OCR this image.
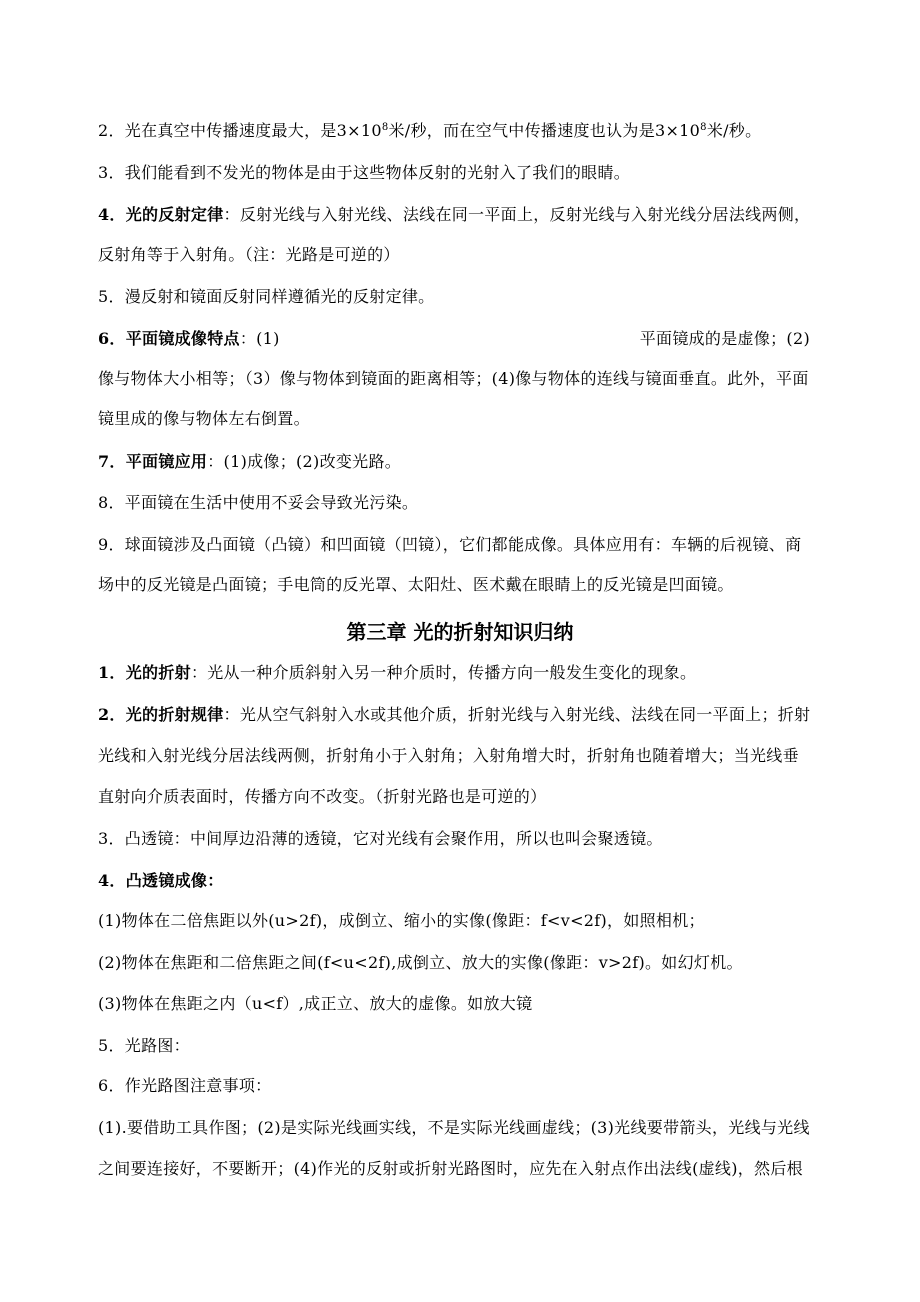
2．光在真空中传播速度最大，是$3\times 10^8$米/秒，而在空气中传播速度也认为是$3\times 10^8$米/秒。
3．我们能看到不发光的物体是由于这些物体反射的光射入了我们的眼睛。
4．光的反射定律：反射光线与入射光线、法线在同一平面上，反射光线与入射光线分居法线两侧，
反射角等于入射角。（注：光路是可逆的）
5．漫反射和镜面反射同样遵循光的反射定律。
6．平面镜成像特点：(1)	平面镜成的是虚像；(2)
像与物体大小相等；（3）像与物体到镜面的距离相等；(4)像与物体的连线与镜面垂直。此外，平面
镜里成的像与物体左右倒置。
7．平面镜应用：(1)成像；(2)改变光路。
8．平面镜在生活中使用不妥会导致光污染。
9．球面镜涉及凸面镜（凸镜）和凹面镜（凹镜），它们都能成像。具体应用有：车辆的后视镜、商
场中的反光镜是凸面镜；手电筒的反光罩、太阳灶、医术戴在眼睛上的反光镜是凹面镜。
第三章 光的折射知识归纳
1．光的折射：光从一种介质斜射入另一种介质时，传播方向一般发生变化的现象。
2．光的折射规律：光从空气斜射入水或其他介质，折射光线与入射光线、法线在同一平面上；折射
光线和入射光线分居法线两侧，折射角小于入射角；入射角增大时，折射角也随着增大；当光线垂
直射向介质表面时，传播方向不改变。（折射光路也是可逆的）
3．凸透镜：中间厚边沿薄的透镜，它对光线有会聚作用，所以也叫会聚透镜。
4．凸透镜成像：
(1)物体在二倍焦距以外(u>2f)，成倒立、缩小的实像(像距：f<v<2f)，如照相机；
(2)物体在焦距和二倍焦距之间(f<u<2f),成倒立、放大的实像(像距：v>2f)。如幻灯机。
(3)物体在焦距之内（u<f）,成正立、放大的虚像。如放大镜
5．光路图：
6．作光路图注意事项：
(1).要借助工具作图；(2)是实际光线画实线，不是实际光线画虚线；(3)光线要带箭头，光线与光线
之间要连接好，不要断开；(4)作光的反射或折射光路图时，应先在入射点作出法线(虚线)，然后根
